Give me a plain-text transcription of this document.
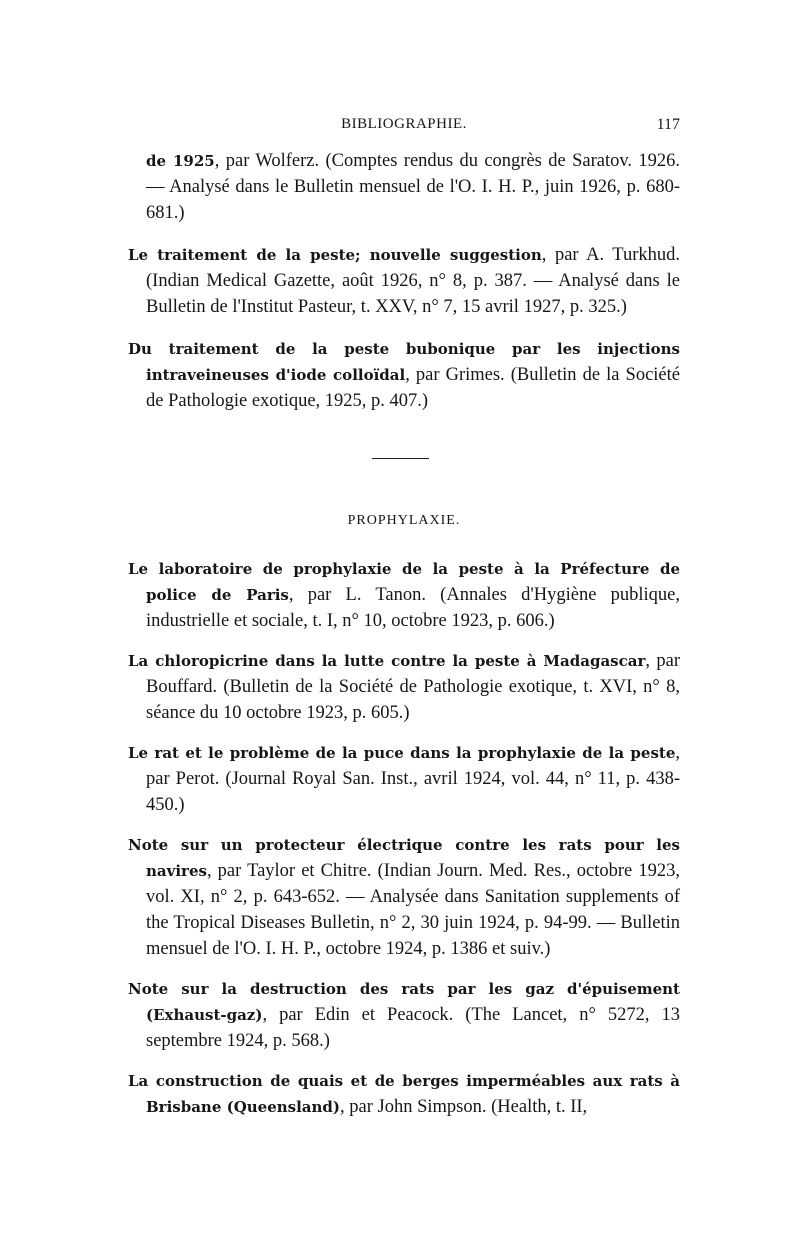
BIBLIOGRAPHIE.	117

de 1925, par Wolferz. (Comptes rendus du congrès de Saratov. 1926. — Analysé dans le Bulletin mensuel de l'O. I. H. P., juin 1926, p. 680-681.)

Le traitement de la peste; nouvelle suggestion, par A. Turkhud. (Indian Medical Gazette, août 1926, n° 8, p. 387. — Analysé dans le Bulletin de l'Institut Pasteur, t. XXV, n° 7, 15 avril 1927, p. 325.)

Du traitement de la peste bubonique par les injections intraveineuses d'iode colloïdal, par Grimes. (Bulletin de la Société de Pathologie exotique, 1925, p. 407.)

PROPHYLAXIE.

Le laboratoire de prophylaxie de la peste à la Préfecture de police de Paris, par L. Tanon. (Annales d'Hygiène publique, industrielle et sociale, t. I, n° 10, octobre 1923, p. 606.)

La chloropicrine dans la lutte contre la peste à Madagascar, par Bouffard. (Bulletin de la Société de Pathologie exotique, t. XVI, n° 8, séance du 10 octobre 1923, p. 605.)

Le rat et le problème de la puce dans la prophylaxie de la peste, par Perot. (Journal Royal San. Inst., avril 1924, vol. 44, n° 11, p. 438-450.)

Note sur un protecteur électrique contre les rats pour les navires, par Taylor et Chitre. (Indian Journ. Med. Res., octobre 1923, vol. XI, n° 2, p. 643-652. — Analysée dans Sanitation supplements of the Tropical Diseases Bulletin, n° 2, 30 juin 1924, p. 94-99. — Bulletin mensuel de l'O. I. H. P., octobre 1924, p. 1386 et suiv.)

Note sur la destruction des rats par les gaz d'épuisement (Exhaust-gaz), par Edin et Peacock. (The Lancet, n° 5272, 13 septembre 1924, p. 568.)

La construction de quais et de berges imperméables aux rats à Brisbane (Queensland), par John Simpson. (Health, t. II,
